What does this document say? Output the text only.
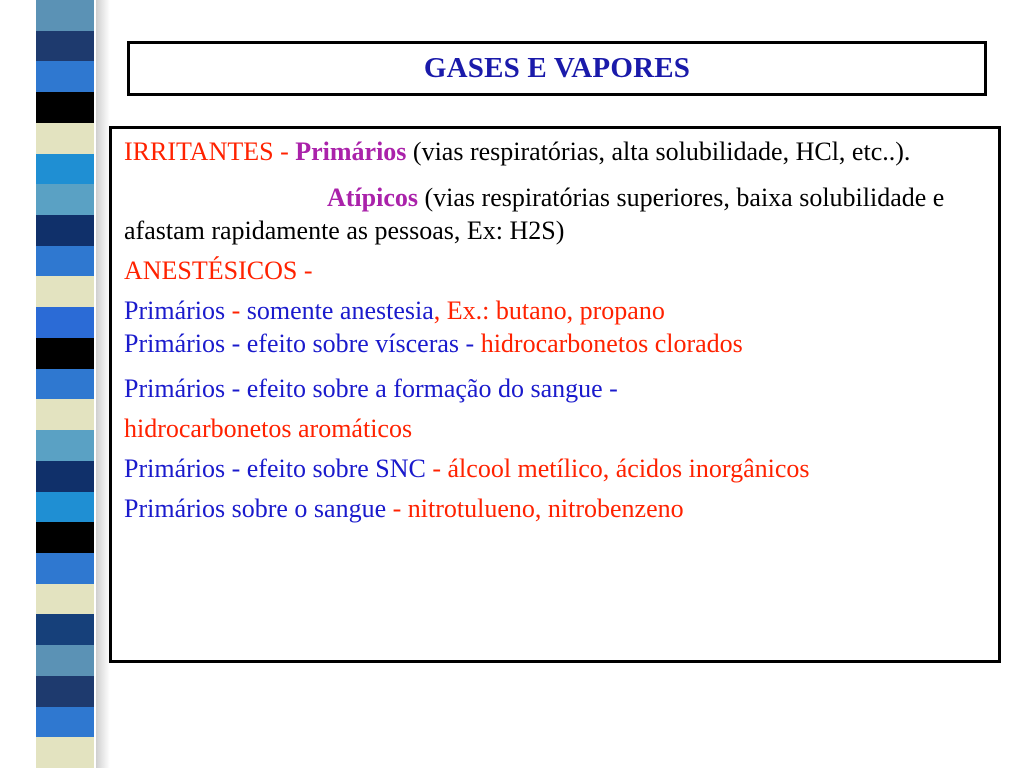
GASES E VAPORES

IRRITANTES - Primários (vias respiratórias, alta solubilidade, HCl, etc..).

Atípicos (vias respiratórias superiores, baixa solubilidade e afastam rapidamente as pessoas, Ex: H2S)

ANESTÉSICOS -

Primários - somente anestesia, Ex.: butano, propano

Primários - efeito sobre vísceras - hidrocarbonetos clorados

Primários - efeito sobre a formação do sangue -
hidrocarbonetos aromáticos

Primários - efeito sobre SNC - álcool metílico, ácidos inorgânicos

Primários sobre o sangue - nitrotulueno, nitrobenzeno
